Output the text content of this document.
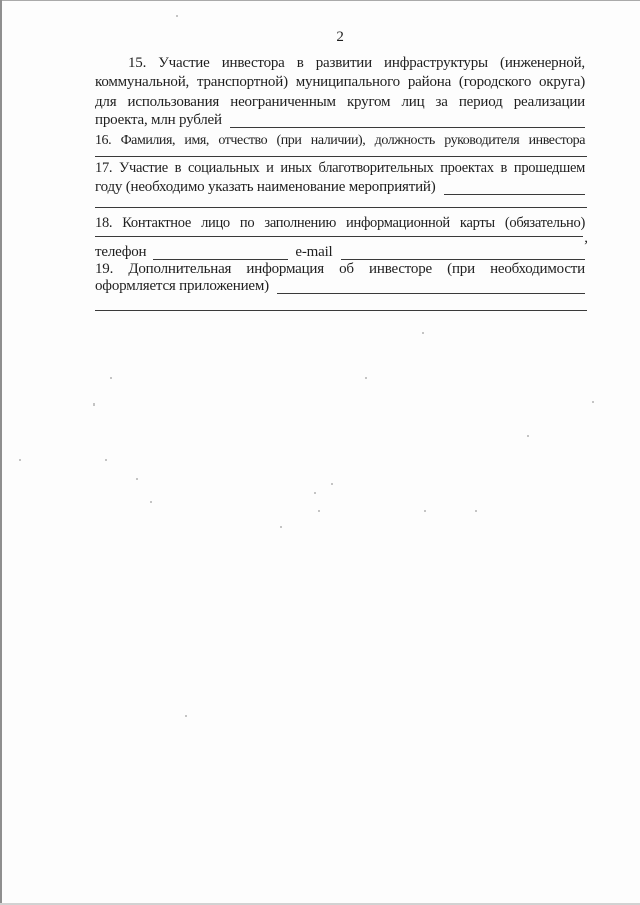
2
15. Участие инвестора в развитии инфраструктуры (инженерной,
коммунальной, транспортной) муниципального района (городского округа)
для использования неограниченным кругом лиц за период реализации
проекта, млн рублей
16. Фамилия, имя, отчество (при наличии), должность руководителя инвестора
17. Участие в социальных и иных благотворительных проектах в прошедшем
году (необходимо указать наименование мероприятий)
18. Контактное лицо по заполнению информационной карты (обязательно)
,
телефон	e-mail
19. Дополнительная информация об инвесторе (при необходимости
оформляется приложением)
